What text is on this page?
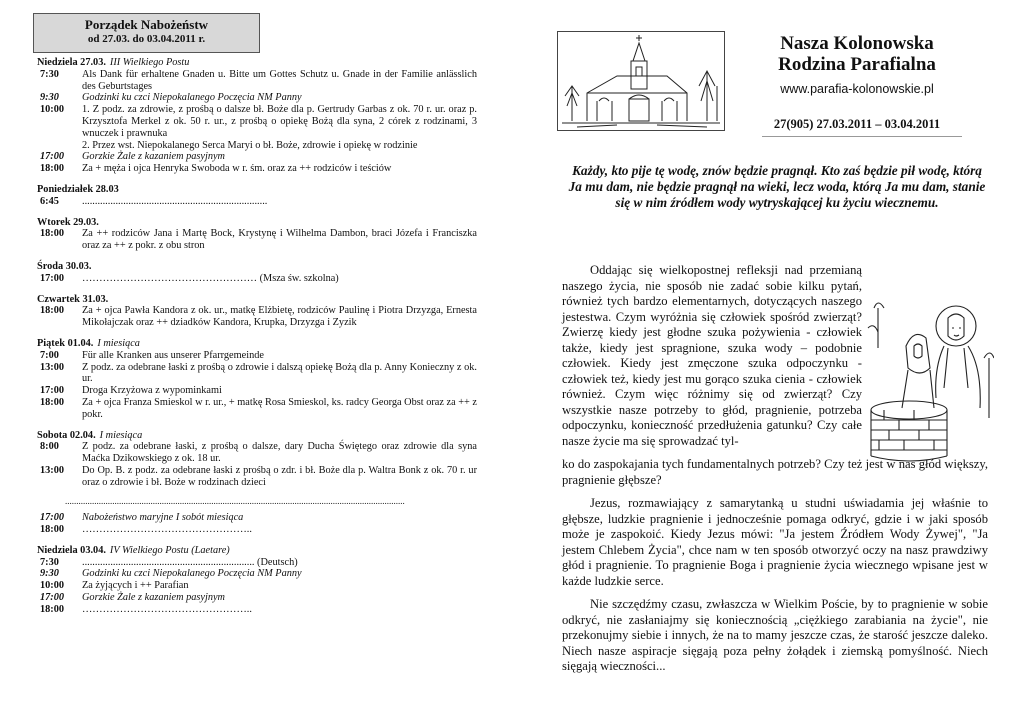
Porządek Nabożeństw
od 27.03. do 03.04.2011 r.
Niedziela 27.03. III Wielkiego Postu
7:30	Als Dank für erhaltene Gnaden u. Bitte um Gottes Schutz u. Gnade in der Familie anlässlich des Geburtstages
9:30	Godzinki ku czci Niepokalanego Poczęcia NM Panny
10:00	1. Z podz. za zdrowie, z prośbą o dalsze bł. Boże dla p. Gertrudy Garbas z ok. 70 r. ur. oraz p. Krzysztofa Merkel z ok. 50 r. ur., z prośbą o opiekę Bożą dla syna, 2 córek z rodzinami, 3 wnuczek i prawnuka
2. Przez wst. Niepokalanego Serca Maryi o bł. Boże, zdrowie i opiekę w rodzinie
17:00	Gorzkie Żale z kazaniem pasyjnym
18:00	Za + męża i ojca Henryka Swoboda w r. śm. oraz za ++ rodziców i teściów
Poniedziałek 28.03
6:45	........................................................................
Wtorek 29.03.
18:00	Za ++ rodziców Jana i Martę Bock, Krystynę i Wilhelma Dambon, braci Józefa i Franciszka oraz za ++ z pokr. z obu stron
Środa 30.03.
17:00	…………………………………………… (Msza św. szkolna)
Czwartek 31.03.
18:00	Za + ojca Pawła Kandora z ok. ur., matkę Elżbietę, rodziców Paulinę i Piotra Drzyzga, Ernesta Mikołajczak oraz ++ dziadków Kandora, Krupka, Drzyzga i Zyzik
Piątek 01.04. I miesiąca
7:00	Für alle Kranken aus unserer Pfarrgemeinde
13:00	Z podz. za odebrane łaski z prośbą o zdrowie i dalszą opiekę Bożą dla p. Anny Konieczny z ok. ur.
17:00	Droga Krzyżowa z wypominkami
18:00	Za + ojca Franza Smieskol w r. ur., + matkę Rosa Smieskol, ks. radcy Georga Obst oraz za ++ z pokr.
Sobota 02.04. I miesiąca
8:00	Z podz. za odebrane łaski, z prośbą o dalsze, dary Ducha Świętego oraz zdrowie dla syna Maćka Dzikowskiego z ok. 18 ur.
13:00	Do Op. B. z podz. za odebrane łaski z prośbą o zdr. i bł. Boże dla p. Waltra Bonk z ok. 70 r. ur oraz o zdrowie i bł. Boże w rodzinach dzieci
.......................................................................................................................................................
17:00	Nabożeństwo maryjne I sobót miesiąca
18:00	…………………………………………..
Niedziela 03.04. IV Wielkiego Postu (Laetare)
7:30	................................................................... (Deutsch)
9:30	Godzinki ku czci Niepokalanego Poczęcia NM Panny
10:00	Za żyjących i ++ Parafian
17:00	Gorzkie Żale z kazaniem pasyjnym
18:00	…………………………………………..
Nasza Kolonowska
Rodzina Parafialna
www.parafia-kolonowskie.pl
27(905) 27.03.2011 – 03.04.2011
Każdy, kto pije tę wodę, znów będzie pragnął. Kto zaś będzie pił wodę, którą Ja mu dam, nie będzie pragnął na wieki, lecz woda, którą Ja mu dam, stanie się w nim źródłem wody wytryskającej ku życiu wiecznemu.

Oddając się wielkopostnej refleksji nad przemianą naszego życia, nie sposób nie zadać sobie kilku pytań, również tych bardzo elementarnych, dotyczących naszego jestestwa. Czym wyróżnia się człowiek spośród zwierząt? Zwierzę kiedy jest głodne szuka pożywienia - człowiek także, kiedy jest spragnione, szuka wody – podobnie człowiek. Kiedy jest zmęczone szuka odpoczynku - człowiek też, kiedy jest mu gorąco szuka cienia - człowiek również. Czym więc różnimy się od zwierząt? Czy wszystkie nasze potrzeby to głód, pragnienie, potrzeba odpoczynku, konieczność przedłużenia gatunku? Czy całe nasze życie ma się sprowadzać tyl-

ko do zaspokajania tych fundamentalnych potrzeb? Czy też jest w nas głód większy, pragnienie głębsze?

Jezus, rozmawiający z samarytanką u studni uświadamia jej właśnie to głębsze, ludzkie pragnienie i jednocześnie pomaga odkryć, gdzie i w jaki sposób może je zaspokoić. Kiedy Jezus mówi: "Ja jestem Źródłem Wody Żywej", "Ja jestem Chlebem Życia", chce nam w ten sposób otworzyć oczy na nasz prawdziwy głód i pragnienie. To pragnienie Boga i pragnienie życia wiecznego wpisane jest w każde ludzkie serce.

Nie szczędźmy czasu, zwłaszcza w Wielkim Poście, by to pragnienie w sobie odkryć, nie zasłaniajmy się koniecznością „ciężkiego zarabiania na życie", nie przekonujmy siebie i innych, że na to mamy jeszcze czas, że starość jeszcze daleko. Niech nasze aspiracje sięgają poza pełny żołądek i ziemską pomyślność. Niech sięgają wieczności...
